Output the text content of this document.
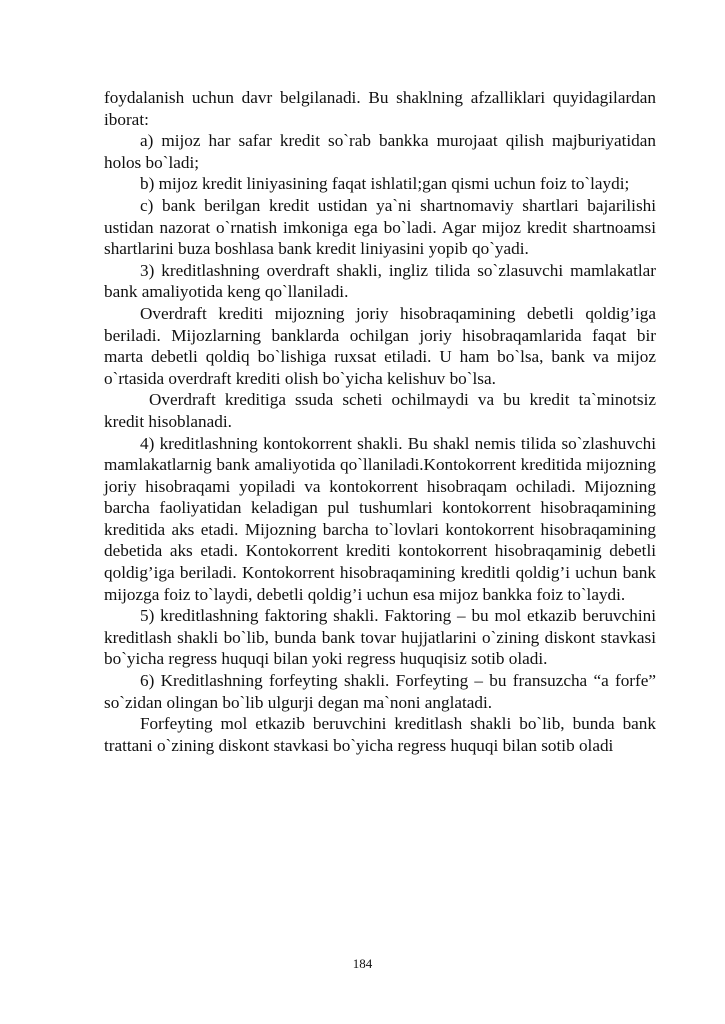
foydalanish uchun davr belgilanadi. Bu shaklning afzalliklari quyidagilardan iborat:

a) mijoz har safar kredit so`rab bankka murojaat qilish majburiyatidan holos bo`ladi;

b) mijoz kredit liniyasining faqat ishlatil;gan qismi uchun foiz to`laydi;

c) bank berilgan kredit ustidan ya`ni shartnomaviy shartlari bajarilishi ustidan nazorat o`rnatish imkoniga ega bo`ladi. Agar mijoz kredit shartnoamsi shartlarini buza boshlasa bank kredit liniyasini yopib qo`yadi.

3) kreditlashning overdraft shakli, ingliz tilida so`zlasuvchi mamlakatlar bank amaliyotida keng qo`llaniladi.

Overdraft krediti mijozning joriy hisobraqamining debetli qoldig’iga beriladi. Mijozlarning banklarda ochilgan joriy hisobraqamlarida faqat bir marta debetli qoldiq bo`lishiga ruxsat etiladi. U ham bo`lsa, bank va mijoz o`rtasida overdraft krediti olish bo`yicha kelishuv bo`lsa.

Overdraft kreditiga ssuda scheti ochilmaydi va bu kredit ta`minotsiz kredit hisoblanadi.

4) kreditlashning kontokorrent shakli. Bu shakl nemis tilida so`zlashuvchi mamlakatlarnig bank amaliyotida qo`llaniladi.Kontokorrent kreditida mijozning joriy hisobraqami yopiladi va kontokorrent hisobraqam ochiladi. Mijozning barcha faoliyatidan keladigan pul tushumlari kontokorrent hisobraqamining kreditida aks etadi. Mijozning barcha to`lovlari kontokorrent hisobraqamining debetida aks etadi. Kontokorrent krediti kontokorrent hisobraqaminig debetli qoldig’iga beriladi. Kontokorrent hisobraqamining kreditli qoldig’i uchun bank mijozga foiz to`laydi, debetli qoldig’i uchun esa mijoz bankka foiz to`laydi.

5) kreditlashning faktoring shakli. Faktoring – bu mol etkazib beruvchini kreditlash shakli bo`lib, bunda bank tovar hujjatlarini o`zining diskont stavkasi bo`yicha regress huquqi bilan yoki regress huquqisiz sotib oladi.

6) Kreditlashning forfeyting shakli. Forfeyting – bu fransuzcha “a forfe” so`zidan olingan bo`lib ulgurji degan ma`noni anglatadi.

Forfeyting mol etkazib beruvchini kreditlash shakli bo`lib, bunda bank trattani o`zining diskont stavkasi bo`yicha regress huquqi bilan sotib oladi

184
